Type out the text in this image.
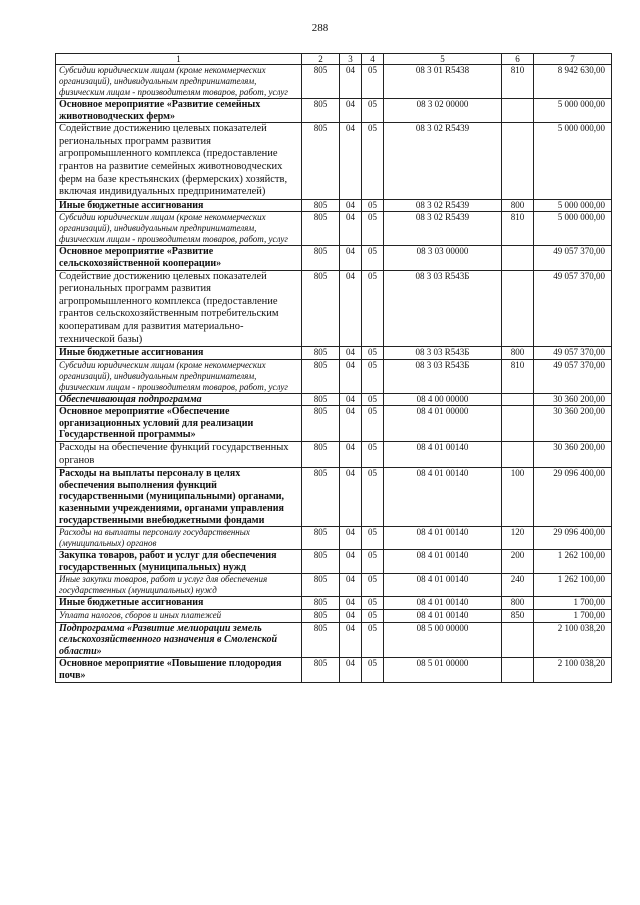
288
1	2	3	4	5	6	7
Субсидии юридическим лицам (кроме некоммерческих организаций), индивидуальным предпринимателям, физическим лицам - производителям товаров, работ, услуг	805	04	05	08 3 01 R5438	810	8 942 630,00
Основное мероприятие «Развитие семейных животноводческих ферм»	805	04	05	08 3 02 00000		5 000 000,00
Содействие достижению целевых показателей региональных программ развития агропромышленного комплекса (предоставление грантов на развитие семейных животноводческих ферм на базе крестьянских (фермерских) хозяйств, включая индивидуальных предпринимателей)	805	04	05	08 3 02 R5439		5 000 000,00
Иные бюджетные ассигнования	805	04	05	08 3 02 R5439	800	5 000 000,00
Субсидии юридическим лицам (кроме некоммерческих организаций), индивидуальным предпринимателям, физическим лицам - производителям товаров, работ, услуг	805	04	05	08 3 02 R5439	810	5 000 000,00
Основное мероприятие «Развитие сельскохозяйственной кооперации»	805	04	05	08 3 03 00000		49 057 370,00
Содействие достижению целевых показателей региональных программ развития агропромышленного комплекса (предоставление грантов сельскохозяйственным потребительским кооперативам для развития материально-технической базы)	805	04	05	08 3 03 R543Б		49 057 370,00
Иные бюджетные ассигнования	805	04	05	08 3 03 R543Б	800	49 057 370,00
Субсидии юридическим лицам (кроме некоммерческих организаций), индивидуальным предпринимателям, физическим лицам - производителям товаров, работ, услуг	805	04	05	08 3 03 R543Б	810	49 057 370,00
Обеспечивающая подпрограмма	805	04	05	08 4 00 00000		30 360 200,00
Основное мероприятие «Обеспечение организационных условий для реализации Государственной программы»	805	04	05	08 4 01 00000		30 360 200,00
Расходы на обеспечение функций государственных органов	805	04	05	08 4 01 00140		30 360 200,00
Расходы на выплаты персоналу в целях обеспечения выполнения функций государственными (муниципальными) органами, казенными учреждениями, органами управления государственными внебюджетными фондами	805	04	05	08 4 01 00140	100	29 096 400,00
Расходы на выплаты персоналу государственных (муниципальных) органов	805	04	05	08 4 01 00140	120	29 096 400,00
Закупка товаров, работ и услуг для обеспечения государственных (муниципальных) нужд	805	04	05	08 4 01 00140	200	1 262 100,00
Иные закупки товаров, работ и услуг для обеспечения государственных (муниципальных) нужд	805	04	05	08 4 01 00140	240	1 262 100,00
Иные бюджетные ассигнования	805	04	05	08 4 01 00140	800	1 700,00
Уплата налогов, сборов и иных платежей	805	04	05	08 4 01 00140	850	1 700,00
Подпрограмма «Развитие мелиорации земель сельскохозяйственного назначения в Смоленской области»	805	04	05	08 5 00 00000		2 100 038,20
Основное мероприятие «Повышение плодородия почв»	805	04	05	08 5 01 00000		2 100 038,20
